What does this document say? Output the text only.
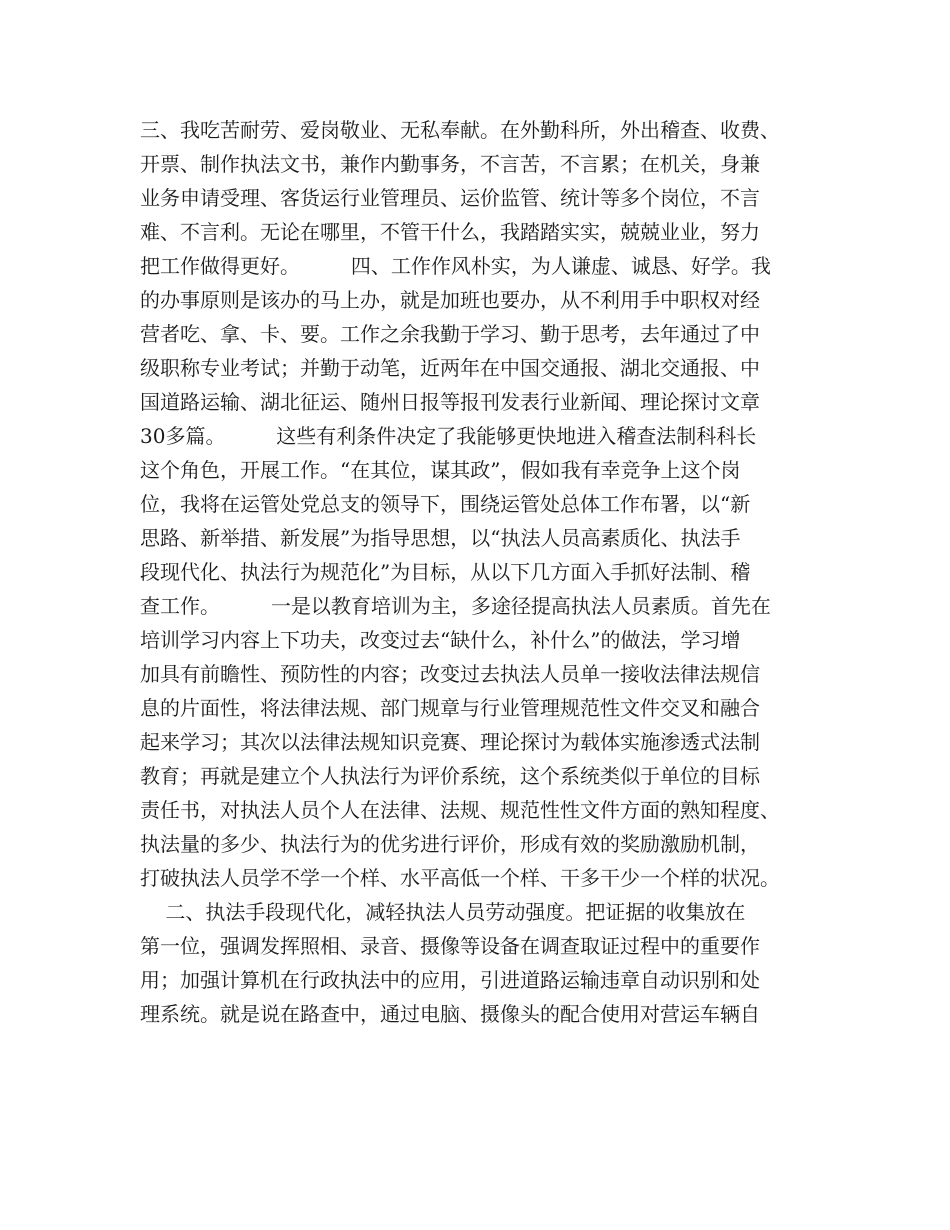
三、我吃苦耐劳、爱岗敬业、无私奉献。在外勤科所，外出稽查、收费、
开票、制作执法文书，兼作内勤事务，不言苦，不言累；在机关，身兼
业务申请受理、客货运行业管理员、运价监管、统计等多个岗位，不言
难、不言利。无论在哪里，不管干什么，我踏踏实实，兢兢业业，努力
把工作做得更好。        四、工作作风朴实，为人谦虚、诚恳、好学。我
的办事原则是该办的马上办，就是加班也要办，从不利用手中职权对经
营者吃、拿、卡、要。工作之余我勤于学习、勤于思考，去年通过了中
级职称专业考试；并勤于动笔，近两年在中国交通报、湖北交通报、中
国道路运输、湖北征运、随州日报等报刊发表行业新闻、理论探讨文章
30多篇。        这些有利条件决定了我能够更快地进入稽查法制科科长
这个角色，开展工作。“在其位，谋其政”，假如我有幸竞争上这个岗
位，我将在运管处党总支的领导下，围绕运管处总体工作布署，以“新
思路、新举措、新发展”为指导思想，以“执法人员高素质化、执法手
段现代化、执法行为规范化”为目标，从以下几方面入手抓好法制、稽
查工作。        一是以教育培训为主，多途径提高执法人员素质。首先在
培训学习内容上下功夫，改变过去“缺什么，补什么”的做法，学习增
加具有前瞻性、预防性的内容；改变过去执法人员单一接收法律法规信
息的片面性，将法律法规、部门规章与行业管理规范性文件交叉和融合
起来学习；其次以法律法规知识竞赛、理论探讨为载体实施渗透式法制
教育；再就是建立个人执法行为评价系统，这个系统类似于单位的目标
责任书，对执法人员个人在法律、法规、规范性性文件方面的熟知程度、
执法量的多少、执法行为的优劣进行评价，形成有效的奖励激励机制，
打破执法人员学不学一个样、水平高低一个样、干多干少一个样的状况。
二、执法手段现代化，减轻执法人员劳动强度。把证据的收集放在
第一位，强调发挥照相、录音、摄像等设备在调查取证过程中的重要作
用；加强计算机在行政执法中的应用，引进道路运输违章自动识别和处
理系统。就是说在路查中，通过电脑、摄像头的配合使用对营运车辆自
